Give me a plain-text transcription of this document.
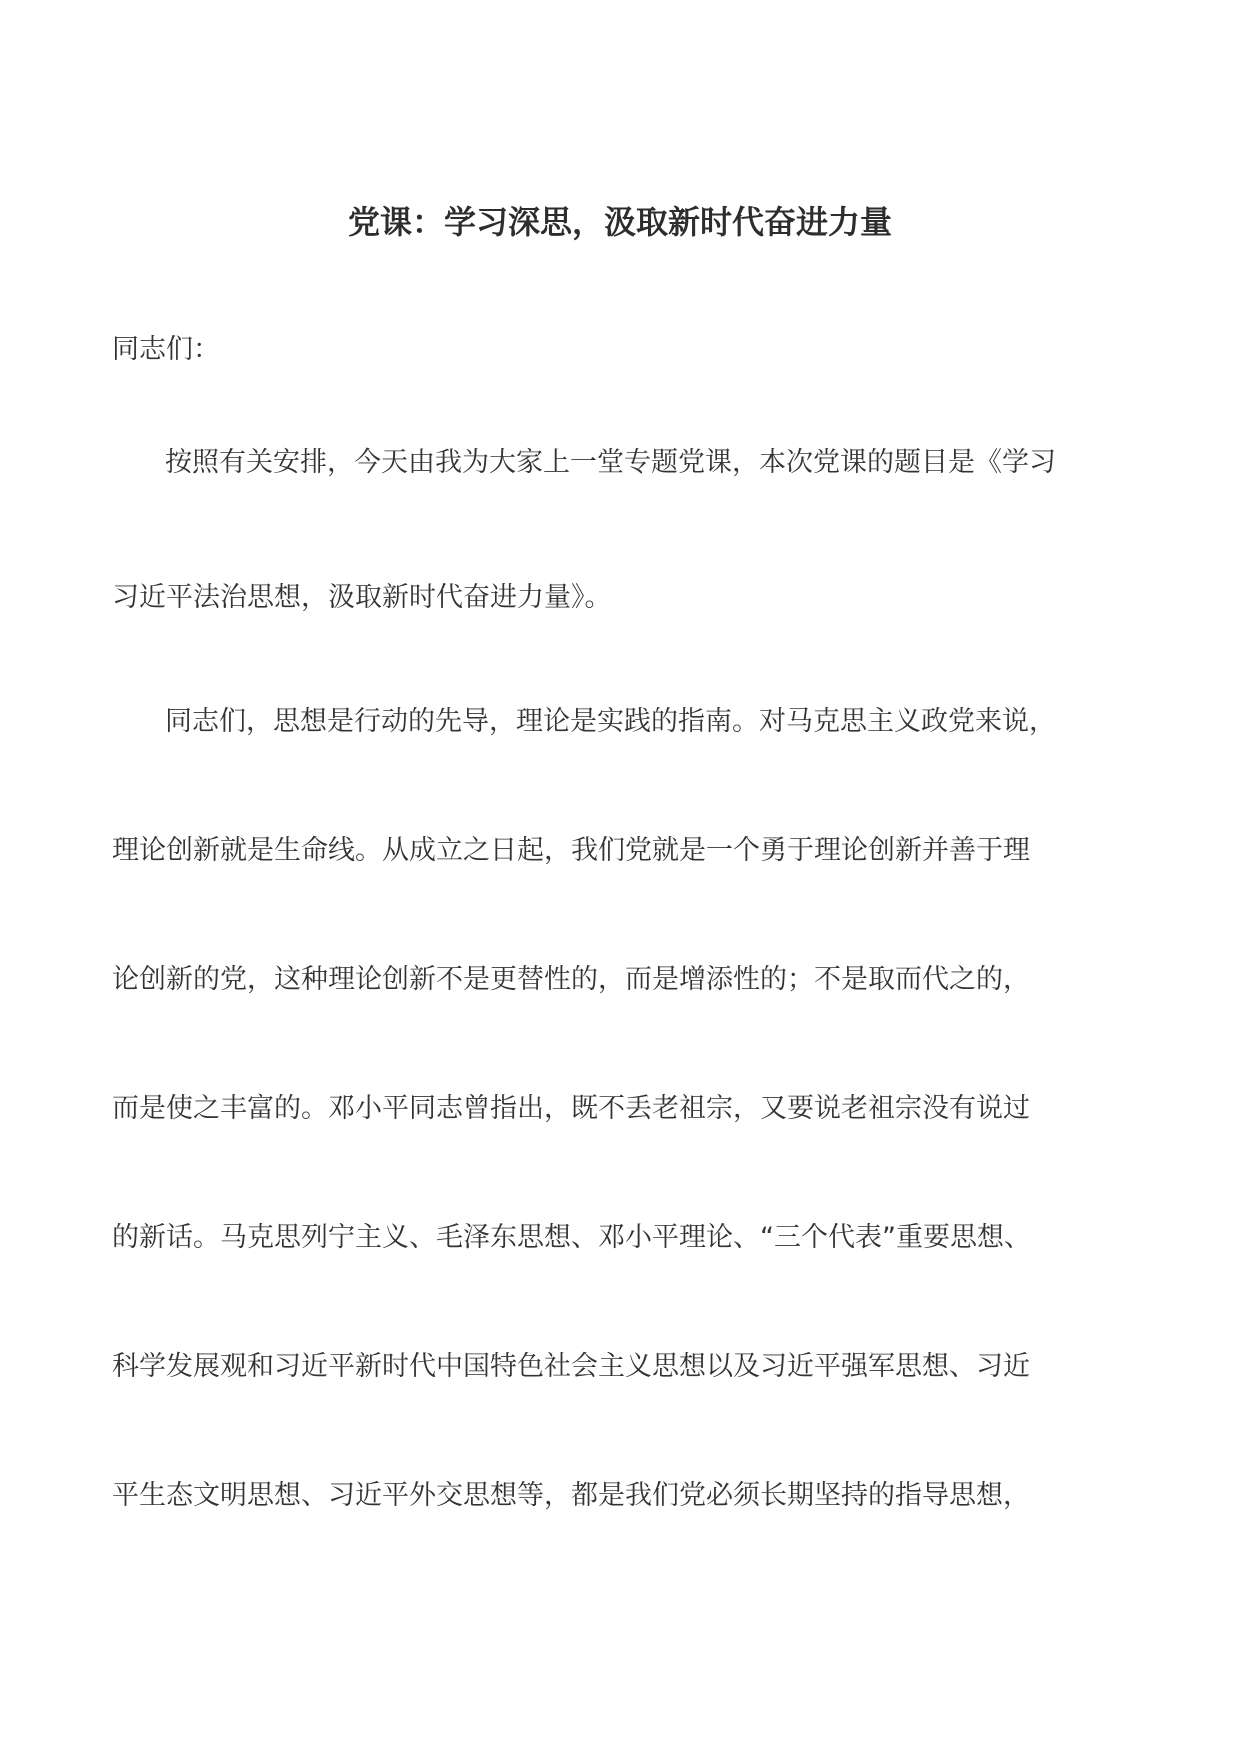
党课：学习深思，汲取新时代奋进力量
同志们：
按照有关安排，今天由我为大家上一堂专题党课，本次党课的题目是《学习
习近平法治思想，汲取新时代奋进力量》。
同志们，思想是行动的先导，理论是实践的指南。对马克思主义政党来说，
理论创新就是生命线。从成立之日起，我们党就是一个勇于理论创新并善于理
论创新的党，这种理论创新不是更替性的，而是增添性的；不是取而代之的，
而是使之丰富的。邓小平同志曾指出，既不丢老祖宗，又要说老祖宗没有说过
的新话。马克思列宁主义、毛泽东思想、邓小平理论、“三个代表”重要思想、
科学发展观和习近平新时代中国特色社会主义思想以及习近平强军思想、习近
平生态文明思想、习近平外交思想等，都是我们党必须长期坚持的指导思想，
